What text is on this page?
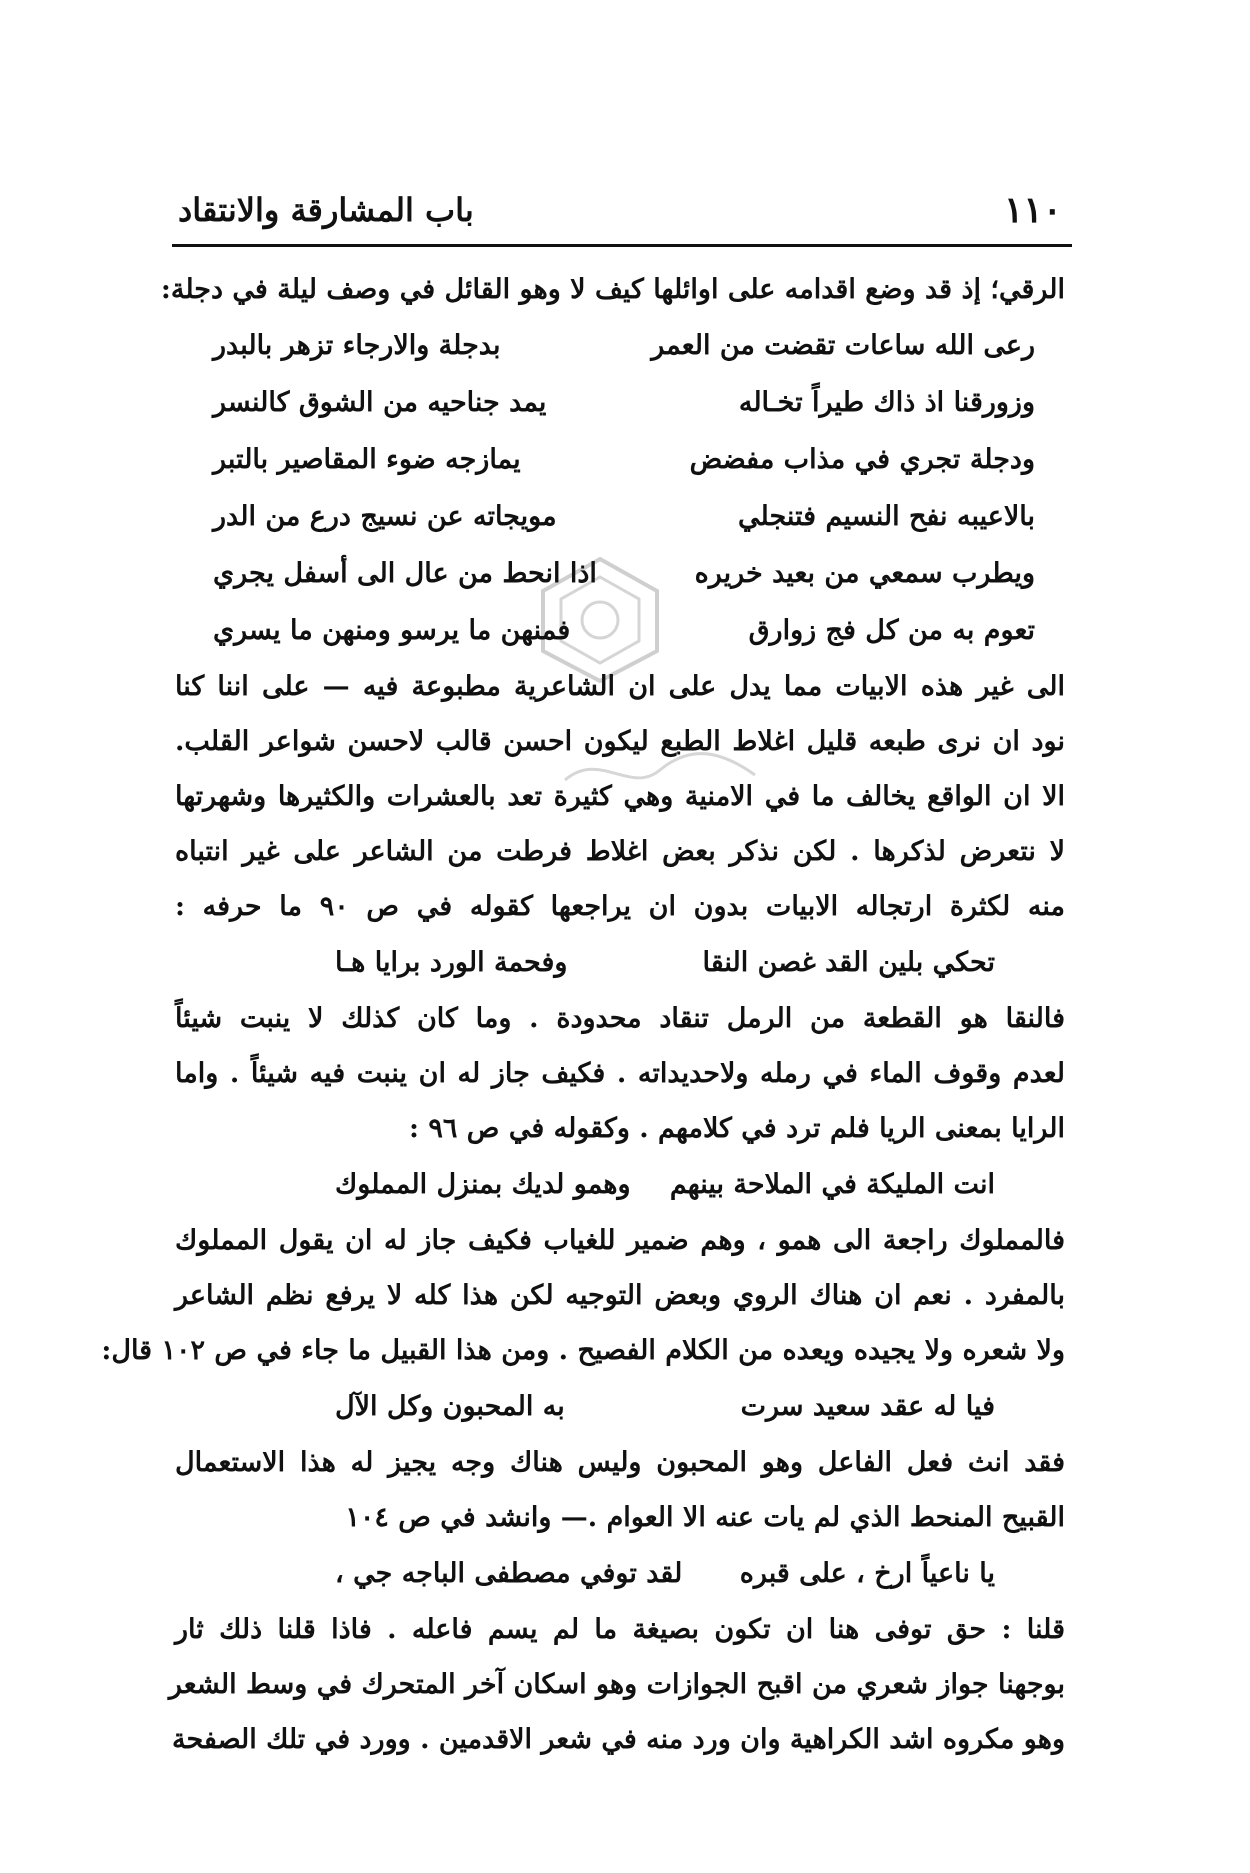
١١٠
باب المشارقة والانتقاد
الرقي؛ إذ قد وضع اقدامه على اوائلها كيف لا وهو القائل في وصف ليلة في دجلة:
رعى الله ساعات تقضت من العمر
بدجلة والارجاء تزهر بالبدر
وزورقنا اذ ذاك طيراً تخـاله
يمد جناحيه من الشوق كالنسر
ودجلة تجري في مذاب مفضض
يمازجه ضوء المقاصير بالتبر
بالاعيبه نفح النسيم فتنجلي
مويجاته عن نسيج درع من الدر
ويطرب سمعي من بعيد خريره
اذا انحط من عال الى أسفل يجري
تعوم به من كل فج زوارق
فمنهن ما يرسو ومنهن ما يسري
الى غير هذه الابيات مما يدل على ان الشاعرية مطبوعة فيه — على اننا كنا
نود ان نرى طبعه قليل اغلاط الطبع ليكون احسن قالب لاحسن شواعر القلب.
الا ان الواقع يخالف ما في الامنية وهي كثيرة تعد بالعشرات والكثيرها وشهرتها
لا نتعرض لذكرها . لكن نذكر بعض اغلاط فرطت من الشاعر على غير انتباه
منه لكثرة ارتجاله الابيات بدون ان يراجعها كقوله في ص ٩٠ ما حرفه :
تحكي بلين القد غصن النقا
وفحمة الورد برايا هـا
فالنقا هو القطعة من الرمل تنقاد محدودة . وما كان كذلك لا ينبت شيئاً
لعدم وقوف الماء في رمله ولاحديداته . فكيف جاز له ان ينبت فيه شيئاً . واما
الرايا بمعنى الريا فلم ترد في كلامهم . وكقوله في ص ٩٦ :
انت المليكة في الملاحة بينهم
وهمو لديك بمنزل المملوك
فالمملوك راجعة الى همو ، وهم ضمير للغياب فكيف جاز له ان يقول المملوك
بالمفرد . نعم ان هناك الروي وبعض التوجيه لكن هذا كله لا يرفع نظم الشاعر
ولا شعره ولا يجيده ويعده من الكلام الفصيح . ومن هذا القبيل ما جاء في ص ١٠٢ قال:
فيا له عقد سعيد سرت
به المحبون وكل الآل
فقد انث فعل الفاعل وهو المحبون وليس هناك وجه يجيز له هذا الاستعمال
القبيح المنحط الذي لم يات عنه الا العوام .— وانشد في ص ١٠٤
يا ناعياً ارخ ، على قبره
لقد توفي مصطفى الباجه جي ،
قلنا : حق توفى هنا ان تكون بصيغة ما لم يسم فاعله . فاذا قلنا ذلك ثار
بوجهنا جواز شعري من اقبح الجوازات وهو اسكان آخر المتحرك في وسط الشعر
وهو مكروه اشد الكراهية وان ورد منه في شعر الاقدمين . وورد في تلك الصفحة
